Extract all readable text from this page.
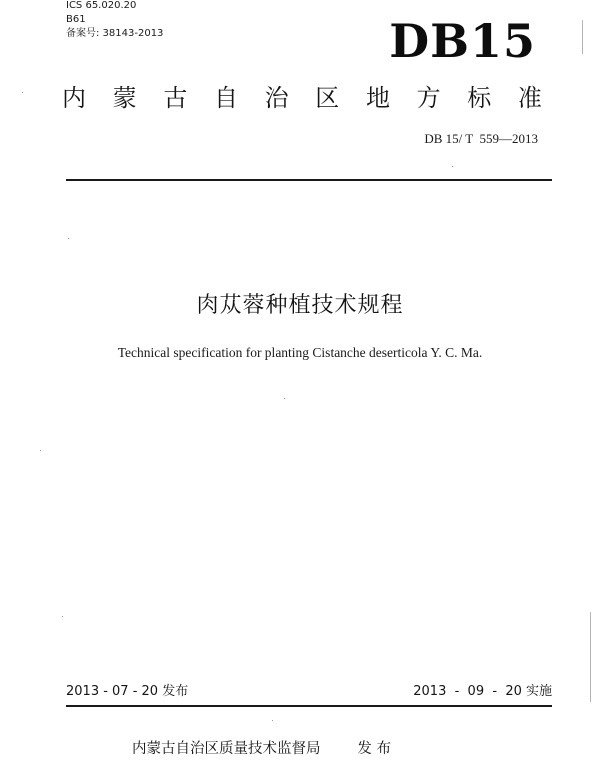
ICS 65.020.20
B61
备案号: 38143-2013	DB15
内 蒙 古 自 治 区 地 方 标 准
DB 15/ T  559—2013
肉苁蓉种植技术规程
Technical specification for planting Cistanche deserticola Y. C. Ma.
2013 - 07 - 20 发布	2013  -  09  -  20 实施
内蒙古自治区质量技术监督局        发 布
